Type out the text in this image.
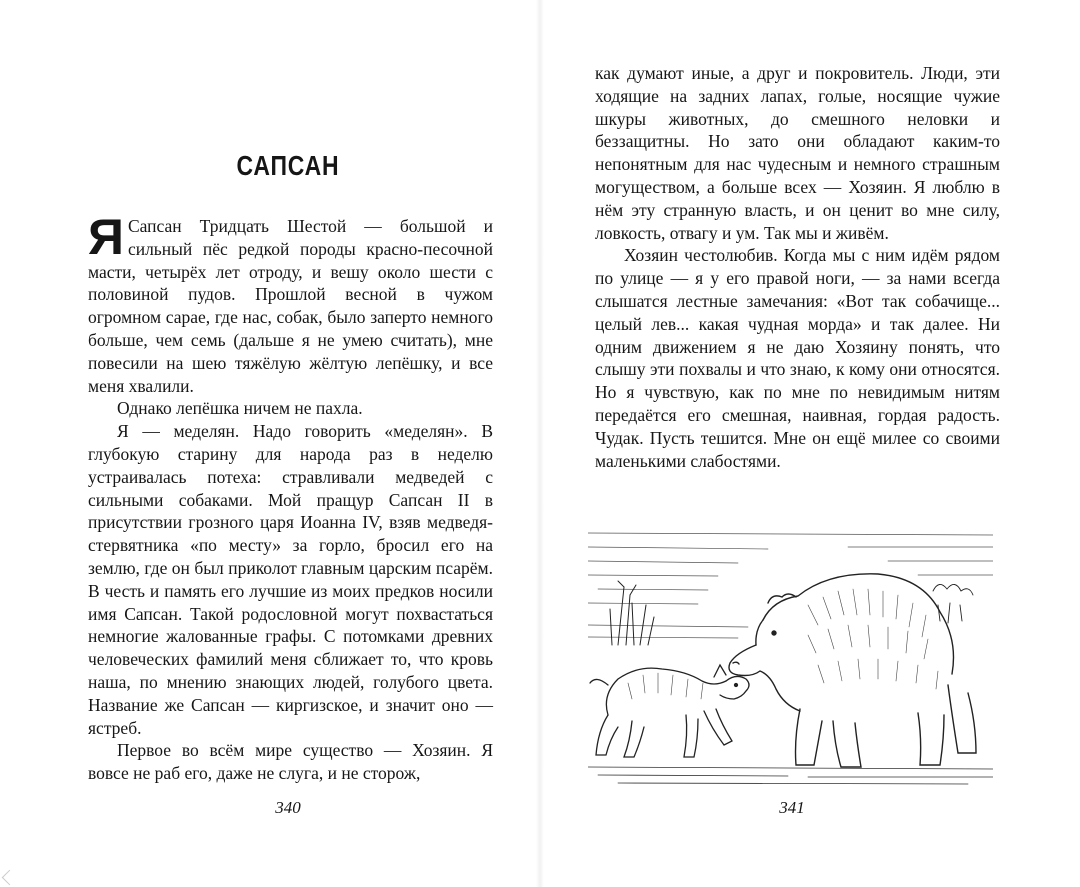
САПСАН

Я Сапсан Тридцать Шестой — большой и сильный пёс редкой породы красно-песочной масти, четырёх лет отроду, и вешу около шести с половиной пудов. Прошлой весной в чужом огромном сарае, где нас, собак, было заперто немного больше, чем семь (дальше я не умею считать), мне повесили на шею тяжёлую жёлтую лепёшку, и все меня хвалили.

Однако лепёшка ничем не пахла.

Я — меделян. Надо говорить «меделян». В глубокую старину для народа раз в неделю устраивалась потеха: стравливали медведей с сильными собаками. Мой пращур Сапсан II в присутствии грозного царя Иоанна IV, взяв медведя-стервятника «по месту» за горло, бросил его на землю, где он был приколот главным царским псарём. В честь и память его лучшие из моих предков носили имя Сапсан. Такой родословной могут похвастаться немногие жалованные графы. С потомками древних человеческих фамилий меня сближает то, что кровь наша, по мнению знающих людей, голубого цвета. Название же Сапсан — киргизское, и значит оно — ястреб.

Первое во всём мире существо — Хозяин. Я вовсе не раб его, даже не слуга, и не сторож,

340

как думают иные, а друг и покровитель. Люди, эти ходящие на задних лапах, голые, носящие чужие шкуры животных, до смешного неловки и беззащитны. Но зато они обладают каким-то непонятным для нас чудесным и немного страшным могуществом, а больше всех — Хозяин. Я люблю в нём эту странную власть, и он ценит во мне силу, ловкость, отвагу и ум. Так мы и живём.

Хозяин честолюбив. Когда мы с ним идём рядом по улице — я у его правой ноги, — за нами всегда слышатся лестные замечания: «Вот так собачище... целый лев... какая чудная морда» и так далее. Ни одним движением я не даю Хозяину понять, что слышу эти похвалы и что знаю, к кому они относятся. Но я чувствую, как по мне по невидимым нитям передаётся его смешная, наивная, гордая радость. Чудак. Пусть тешится. Мне он ещё милее со своими маленькими слабостями.

341
